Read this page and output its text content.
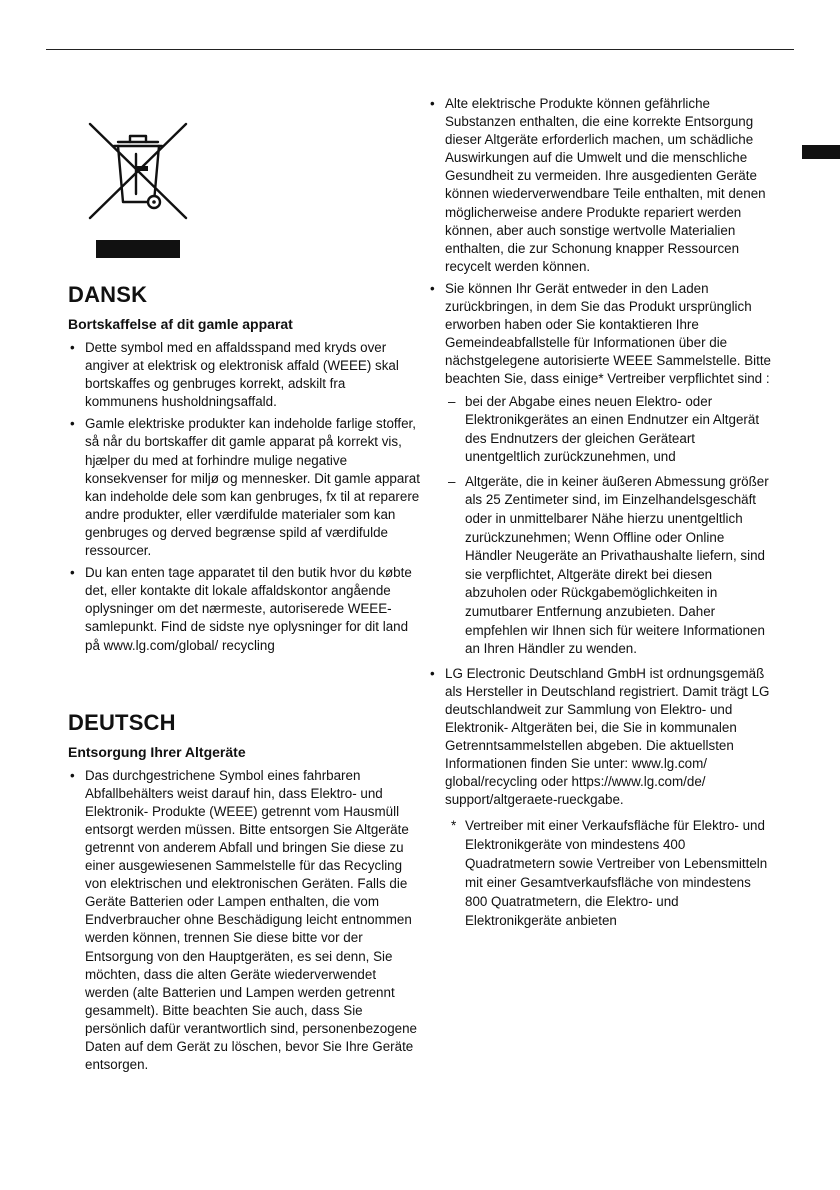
DANSK
Bortskaffelse af dit gamle apparat
• Dette symbol med en affaldsspand med kryds over angiver at elektrisk og elektronisk affald (WEEE) skal bortskaffes og genbruges korrekt, adskilt fra kommunens husholdningsaffald.
• Gamle elektriske produkter kan indeholde farlige stoffer, så når du bortskaffer dit gamle apparat på korrekt vis, hjælper du med at forhindre mulige negative konsekvenser for miljø og mennesker. Dit gamle apparat kan indeholde dele som kan genbruges, fx til at reparere andre produkter, eller værdifulde materialer som kan genbruges og derved begrænse spild af værdifulde ressourcer.
• Du kan enten tage apparatet til den butik hvor du købte det, eller kontakte dit lokale affaldskontor angående oplysninger om det nærmeste, autoriserede WEEE-samlepunkt. Find de sidste nye oplysninger for dit land på www.lg.com/global/ recycling
DEUTSCH
Entsorgung Ihrer Altgeräte
• Das durchgestrichene Symbol eines fahrbaren Abfallbehälters weist darauf hin, dass Elektro- und Elektronik- Produkte (WEEE) getrennt vom Hausmüll entsorgt werden müssen. Bitte entsorgen Sie Altgeräte getrennt von anderem Abfall und bringen Sie diese zu einer ausgewiesenen Sammelstelle für das Recycling von elektrischen und elektronischen Geräten. Falls die Geräte Batterien oder Lampen enthalten, die vom Endverbraucher ohne Beschädigung leicht entnommen werden können, trennen Sie diese bitte vor der Entsorgung von den Hauptgeräten, es sei denn, Sie möchten, dass die alten Geräte wiederverwendet werden (alte Batterien und Lampen werden getrennt gesammelt). Bitte beachten Sie auch, dass Sie persönlich dafür verantwortlich sind, personenbezogene Daten auf dem Gerät zu löschen, bevor Sie Ihre Geräte entsorgen.
• Alte elektrische Produkte können gefährliche Substanzen enthalten, die eine korrekte Entsorgung dieser Altgeräte erforderlich machen, um schädliche Auswirkungen auf die Umwelt und die menschliche Gesundheit zu vermeiden. Ihre ausgedienten Geräte können wiederverwendbare Teile enthalten, mit denen möglicherweise andere Produkte repariert werden können, aber auch sonstige wertvolle Materialien enthalten, die zur Schonung knapper Ressourcen recycelt werden können.
• Sie können Ihr Gerät entweder in den Laden zurückbringen, in dem Sie das Produkt ursprünglich erworben haben oder Sie kontaktieren Ihre Gemeindeabfallstelle für Informationen über die nächstgelegene autorisierte WEEE Sammelstelle. Bitte beachten Sie, dass einige* Vertreiber verpflichtet sind :
– bei der Abgabe eines neuen Elektro- oder Elektronikgerätes an einen Endnutzer ein Altgerät des Endnutzers der gleichen Geräteart unentgeltlich zurückzunehmen, und
– Altgeräte, die in keiner äußeren Abmessung größer als 25 Zentimeter sind, im Einzelhandelsgeschäft oder in unmittelbarer Nähe hierzu unentgeltlich zurückzunehmen; Wenn Offline oder Online Händler Neugeräte an Privathaushalte liefern, sind sie verpflichtet, Altgeräte direkt bei diesen abzuholen oder Rückgabemöglichkeiten in zumutbarer Entfernung anzubieten. Daher empfehlen wir Ihnen sich für weitere Informationen an Ihren Händler zu wenden.
• LG Electronic Deutschland GmbH ist ordnungsgemäß als Hersteller in Deutschland registriert. Damit trägt LG deutschlandweit zur Sammlung von Elektro- und Elektronik- Altgeräten bei, die Sie in kommunalen Getrenntsammelstellen abgeben. Die aktuellsten Informationen finden Sie unter: www.lg.com/ global/recycling oder https://www.lg.com/de/ support/altgeraete-rueckgabe.
* Vertreiber mit einer Verkaufsfläche für Elektro- und Elektronikgeräte von mindestens 400 Quadratmetern sowie Vertreiber von Lebensmitteln mit einer Gesamtverkaufsfläche von mindestens 800 Quatratmetern, die Elektro- und Elektronikgeräte anbieten
